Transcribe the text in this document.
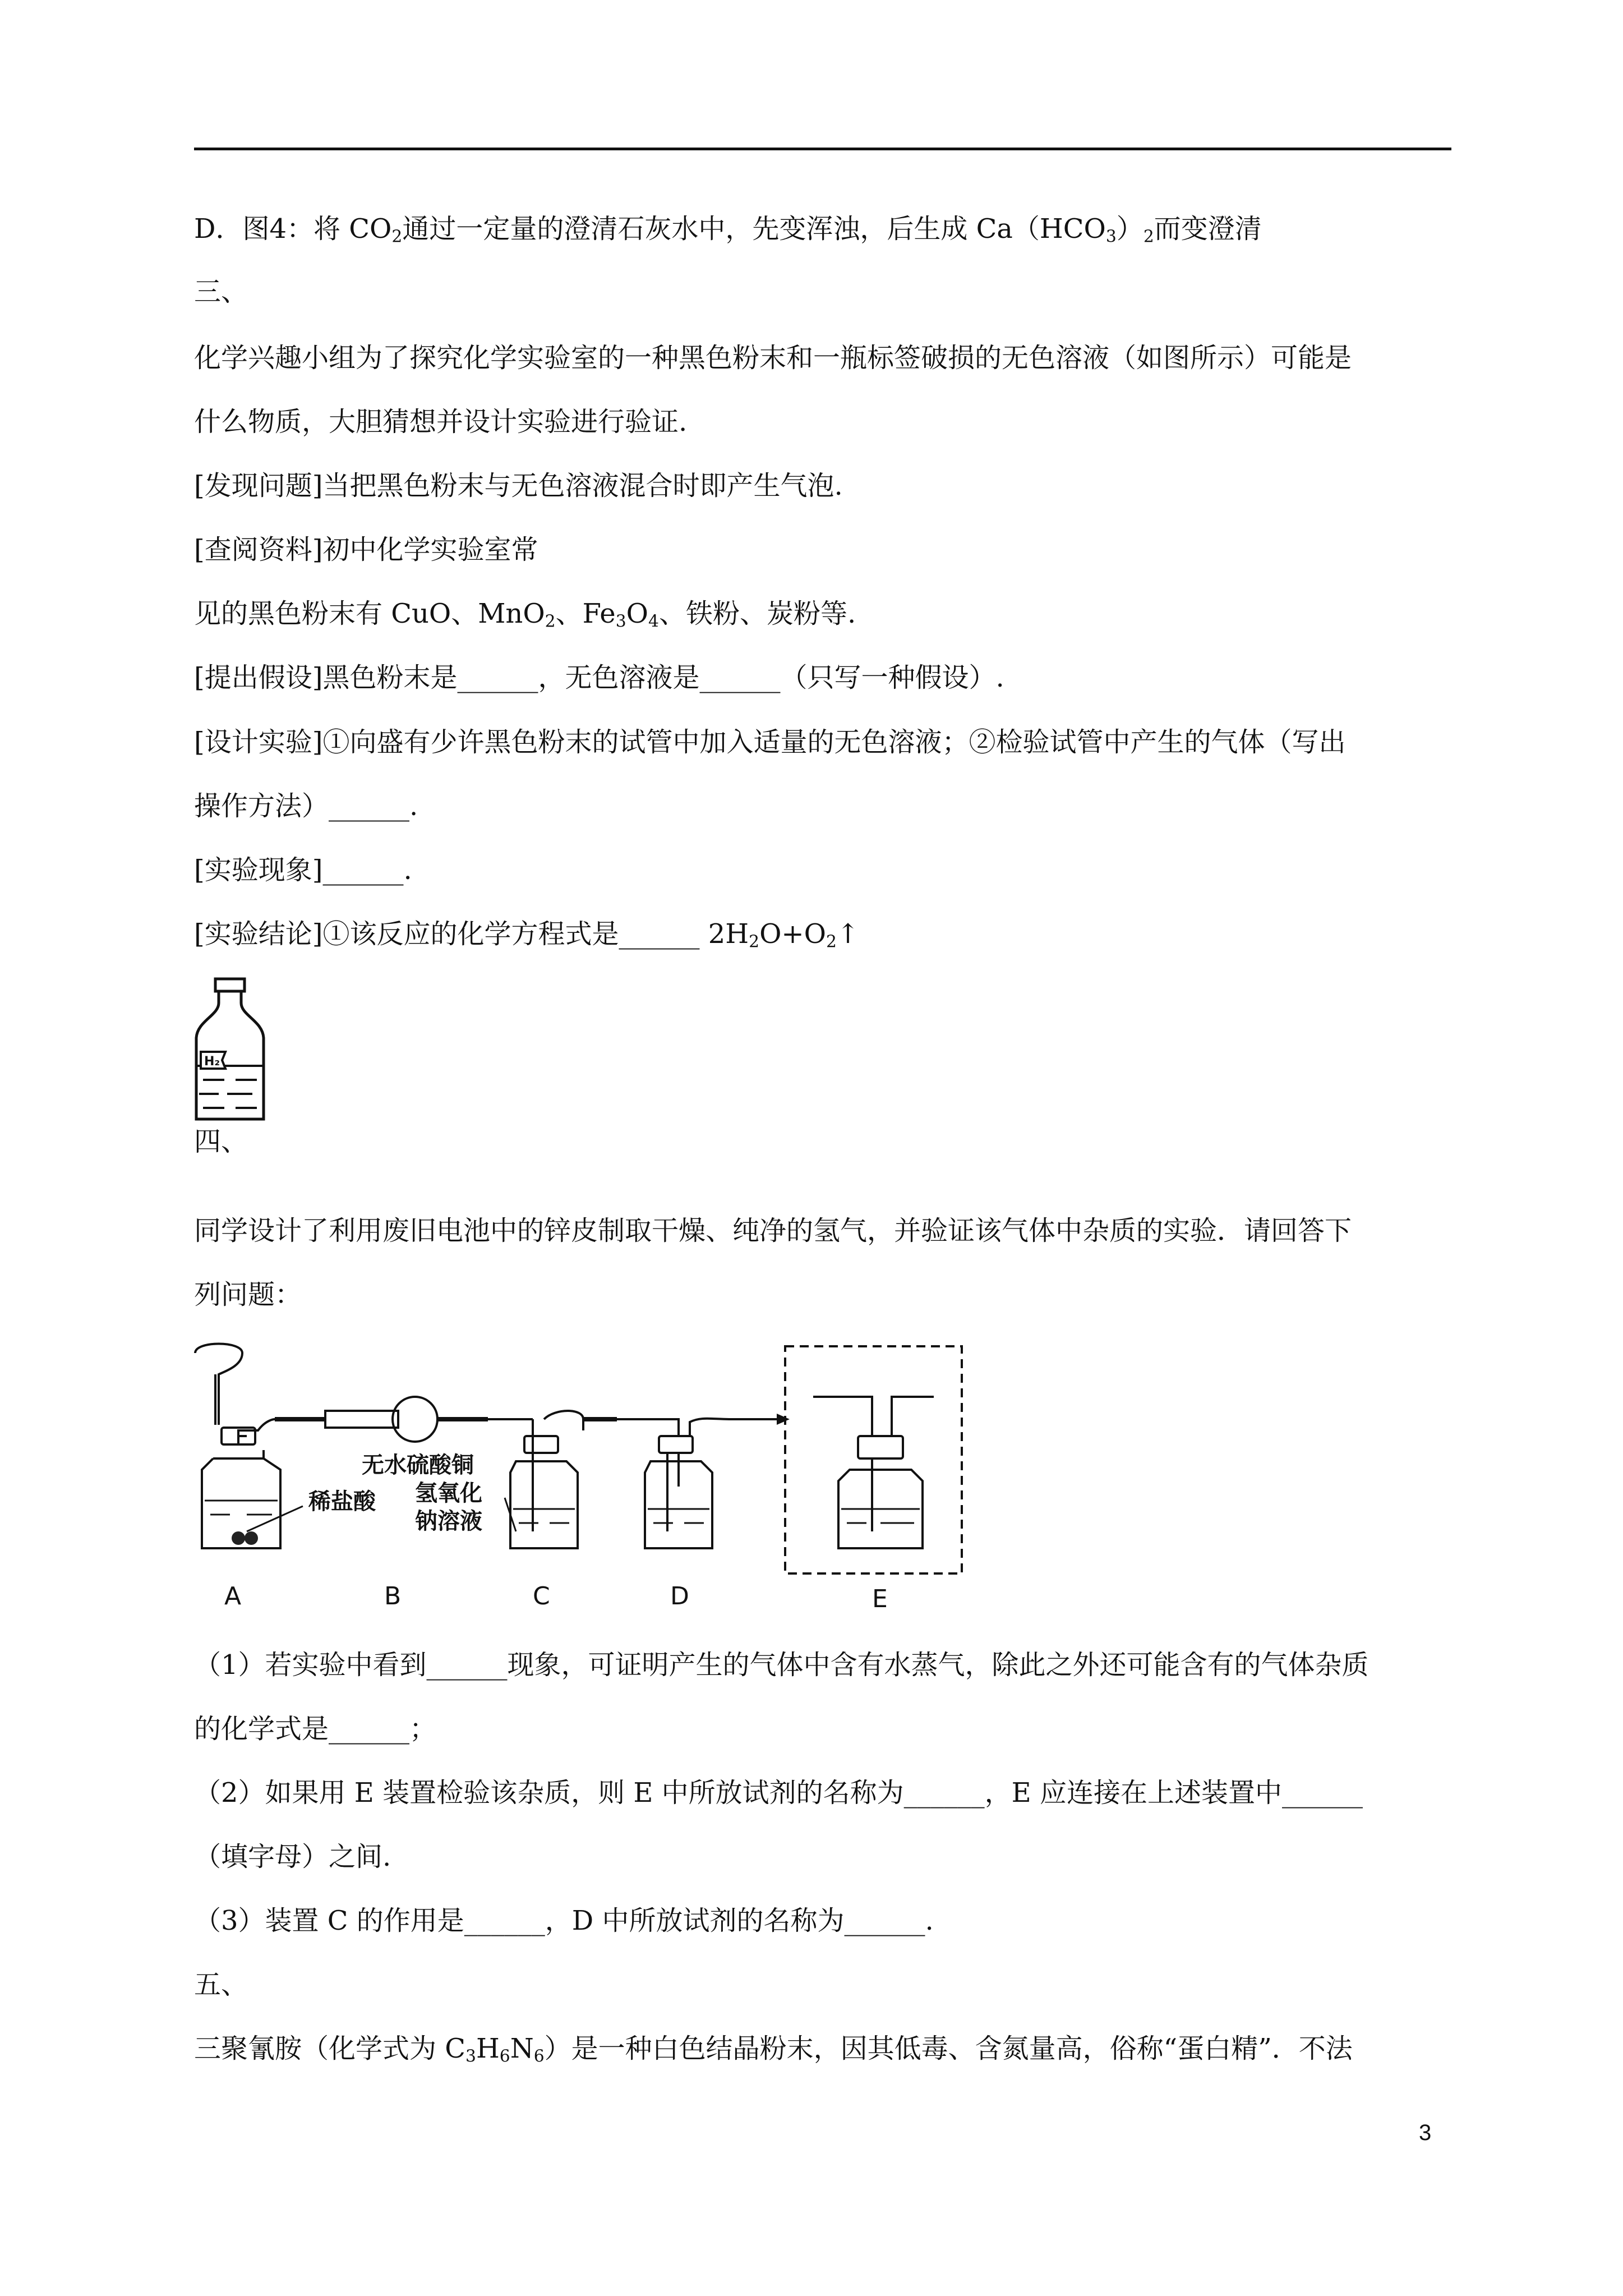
D．图4：将 $CO_2$通过一定量的澄清石灰水中，先变浑浊，后生成 $Ca(HCO_3)_2$而变澄清
三、
化学兴趣小组为了探究化学实验室的一种黑色粉末和一瓶标签破损的无色溶液（如图所示）可能是
什么物质，大胆猜想并设计实验进行验证.
[发现问题]当把黑色粉末与无色溶液混合时即产生气泡.
[查阅资料]初中化学实验室常
见的黑色粉末有 CuO、MnO$_2$、$Fe_3O_4$、铁粉、炭粉等.
[提出假设]黑色粉末是______，无色溶液是______（只写一种假设）.
[设计实验]①向盛有少许黑色粉末的试管中加入适量的无色溶液；②检验试管中产生的气体（写出
操作方法）______.
[实验现象]______.
[实验结论]①该反应的化学方程式是______ $2H_2O+O_2↑$
H₂
四、
同学设计了利用废旧电池中的锌皮制取干燥、纯净的氢气，并验证该气体中杂质的实验．请回答下
列问题：
无水硫酸铜
稀盐酸 氢氧化
钠溶液
A	B	C	D	E
（1）若实验中看到______现象，可证明产生的气体中含有水蒸气，除此之外还可能含有的气体杂质
的化学式是______；
（2）如果用 E 装置检验该杂质，则 E 中所放试剂的名称为______，E 应连接在上述装置中______
（填字母）之间.
（3）装置 C 的作用是______，D 中所放试剂的名称为______.
五、
三聚氰胺（化学式为 $C_3H_6N_6$）是一种白色结晶粉末，因其低毒、含氮量高，俗称“蛋白精”．不法
3
